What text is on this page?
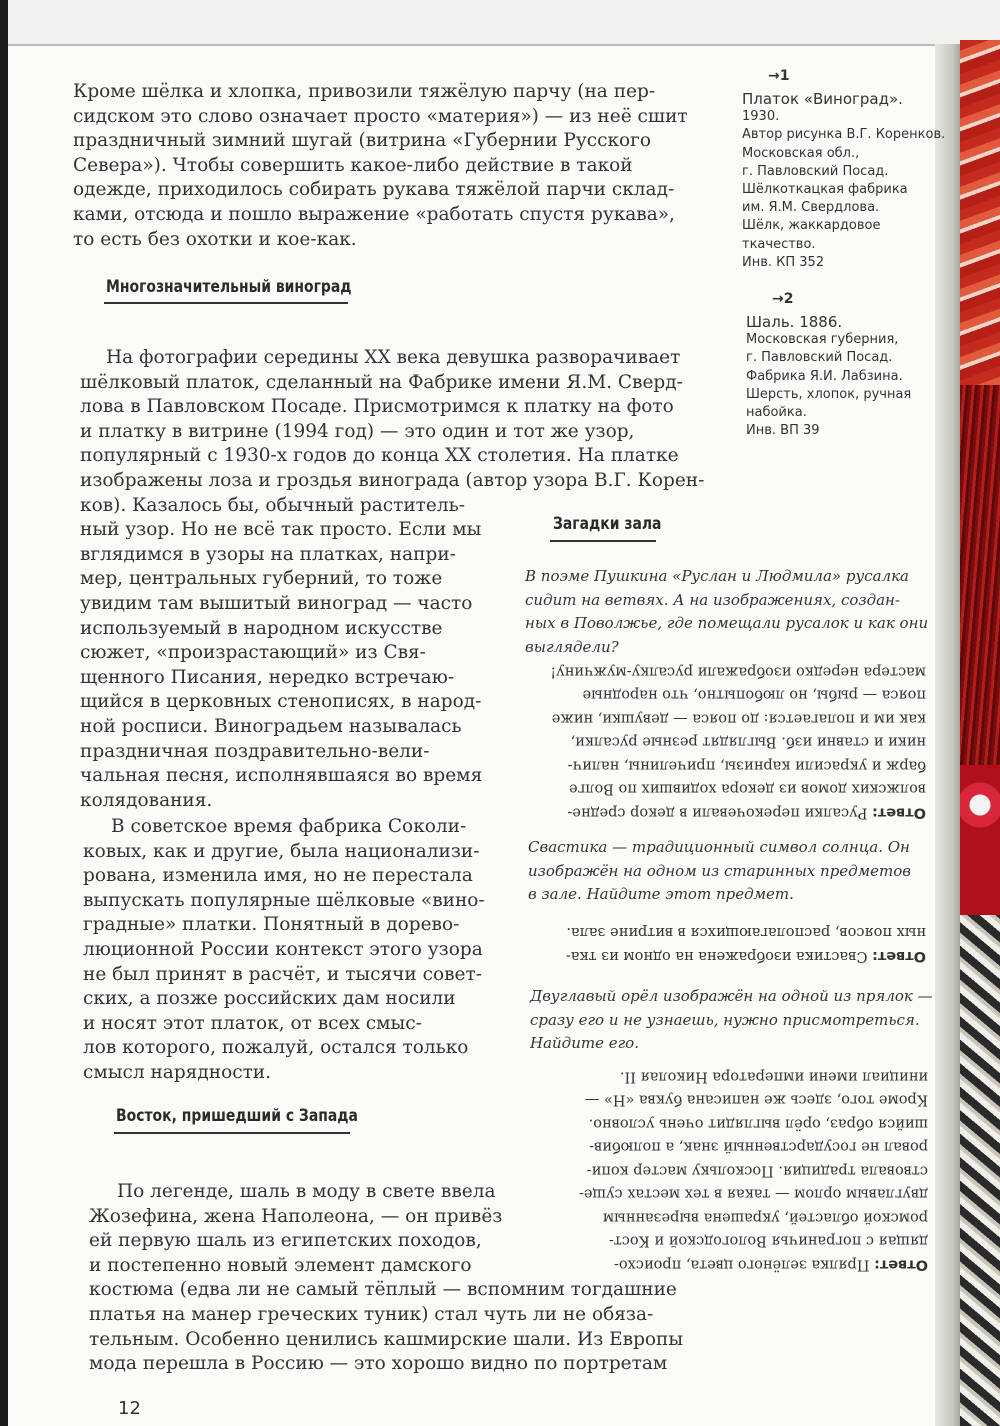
Кроме шёлка и хлопка, привозили тяжёлую парчу (на пер-
сидском это слово означает просто «материя») — из неё сшит
праздничный зимний шугай (витрина «Губернии Русского
Севера»). Чтобы совершить какое-либо действие в такой
одежде, приходилось собирать рукава тяжёлой парчи склад-
ками, отсюда и пошло выражение «работать спустя рукава»,
то есть без охотки и кое-как.
Многозначительный виноград
На фотографии середины XX века девушка разворачивает
шёлковый платок, сделанный на Фабрике имени Я.М. Сверд-
лова в Павловском Посаде. Присмотримся к платку на фото
и платку в витрине (1994 год) — это один и тот же узор,
популярный с 1930-х годов до конца XX столетия. На платке
изображены лоза и гроздья винограда (автор узора В.Г. Корен-
ков). Казалось бы, обычный раститель-
ный узор. Но не всё так просто. Если мы
вглядимся в узоры на платках, напри-
мер, центральных губерний, то тоже
увидим там вышитый виноград — часто
используемый в народном искусстве
сюжет, «произрастающий» из Свя-
щенного Писания, нередко встречаю-
щийся в церковных стенописях, в народ-
ной росписи. Виноградьем называлась
праздничная поздравительно-вели-
чальная песня, исполнявшаяся во время
колядования.
В советское время фабрика Соколи-
ковых, как и другие, была национализи-
рована, изменила имя, но не перестала
выпускать популярные шёлковые «вино-
градные» платки. Понятный в дорево-
люционной России контекст этого узора
не был принят в расчёт, и тысячи совет-
ских, а позже российских дам носили
и носят этот платок, от всех смыс-
лов которого, пожалуй, остался только
смысл нарядности.
Восток, пришедший с Запада
По легенде, шаль в моду в свете ввела
Жозефина, жена Наполеона, — он привёз
ей первую шаль из египетских походов,
и постепенно новый элемент дамского
костюма (едва ли не самый тёплый — вспомним тогдашние
платья на манер греческих туник) стал чуть ли не обяза-
тельным. Особенно ценились кашмирские шали. Из Европы
мода перешла в Россию — это хорошо видно по портретам
→1
Платок «Виноград».
1930.
Автор рисунка В.Г. Коренков.
Московская обл.,
г. Павловский Посад.
Шёлкоткацкая фабрика
им. Я.М. Свердлова.
Шёлк, жаккардовое
ткачество.
Инв. КП 352
→2
Шаль. 1886.
Московская губерния,
г. Павловский Посад.
Фабрика Я.И. Лабзина.
Шерсть, хлопок, ручная
набойка.
Инв. ВП 39
Загадки зала
В поэме Пушкина «Руслан и Людмила» русалка
сидит на ветвях. А на изображениях, создан-
ных в Поволжье, где помещали русалок и как они
выглядели?
Ответ: Русалки перекочевали в декор средне-
волжских домов из декора ходивших по Волге
барж и украсили карнизы, причелины, налич-
ники и ставни изб. Выглядят резные русалки,
как им и полагается: до пояса — девушки, ниже
пояса — рыбы, но любопытно, что народные
мастера нередко изображали русалку-мужчину!
Свастика — традиционный символ солнца. Он
изображён на одном из старинных предметов
в зале. Найдите этот предмет.
Ответ: Свастика изображена на одном из тка-
ных поясов, располагающихся в витрине зала.
Двуглавый орёл изображён на одной из прялок —
сразу его и не узнаешь, нужно присмотреться.
Найдите его.
Ответ: Прялка зелёного цвета, происхо-
дящая с пограничья Вологодской и Кост-
ромской областей, украшена вырезанным
двуглавым орлом — такая в тех местах суще-
ствовала традиция. Поскольку мастер копи-
ровал не государственный знак, а полюбив-
шийся образ, орёл выглядит очень условно.
Кроме того, здесь же написана буква «Н» —
инициал имени императора Николая II.
12
